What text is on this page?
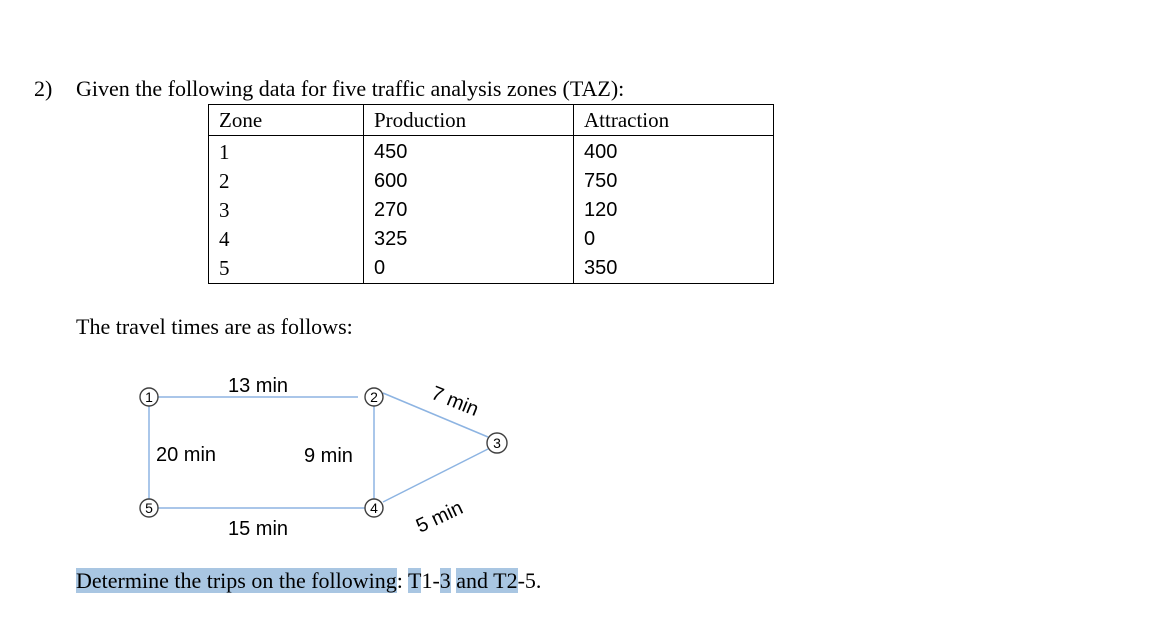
2) Given the following data for five traffic analysis zones (TAZ):
Zone	Production	Attraction
1	450	400
2	600	750
3	270	120
4	325	0
5	0	350
The travel times are as follows:
1	2
3
4
5
13 min
20 min	9 min
7 min
5 min
15 min
Determine the trips on the following: T1-3 and T2-5.
